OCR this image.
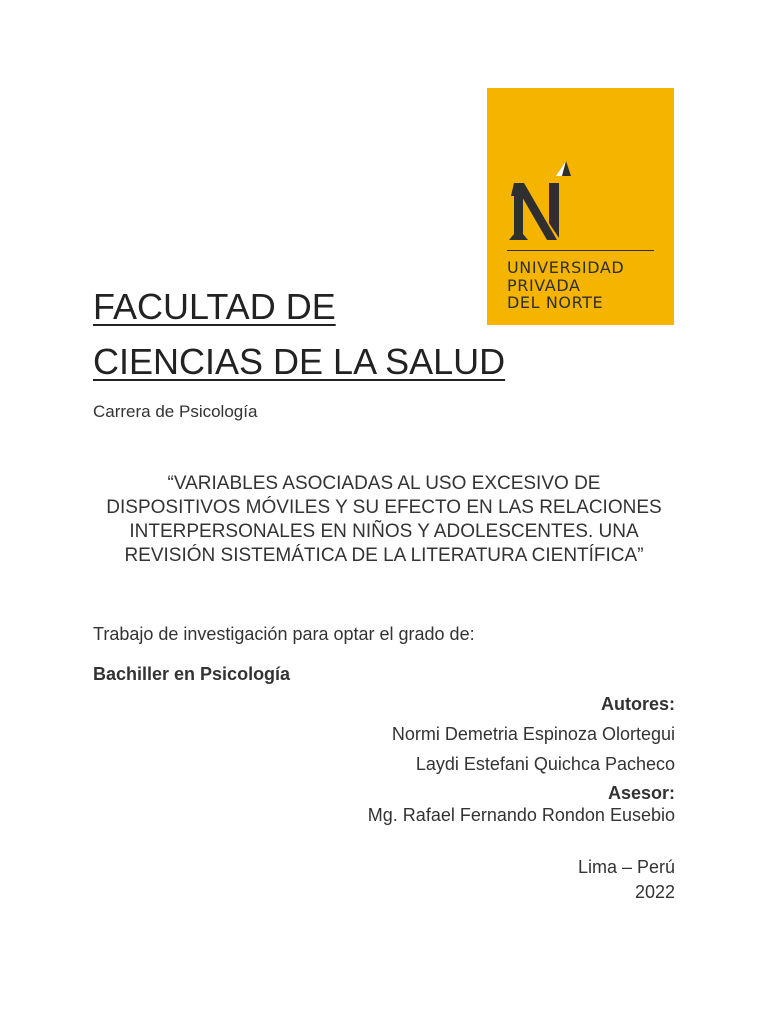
UNIVERSIDAD
PRIVADA
DEL NORTE
FACULTAD DE
CIENCIAS DE LA SALUD
Carrera de Psicología
“VARIABLES ASOCIADAS AL USO EXCESIVO DE DISPOSITIVOS MÓVILES Y SU EFECTO EN LAS RELACIONES INTERPERSONALES EN NIÑOS Y ADOLESCENTES. UNA REVISIÓN SISTEMÁTICA DE LA LITERATURA CIENTÍFICA”
Trabajo de investigación para optar el grado de:
Bachiller en Psicología
Autores:
Normi Demetria Espinoza Olortegui
Laydi Estefani Quichca Pacheco
Asesor:
Mg. Rafael Fernando Rondon Eusebio
Lima – Perú
2022
